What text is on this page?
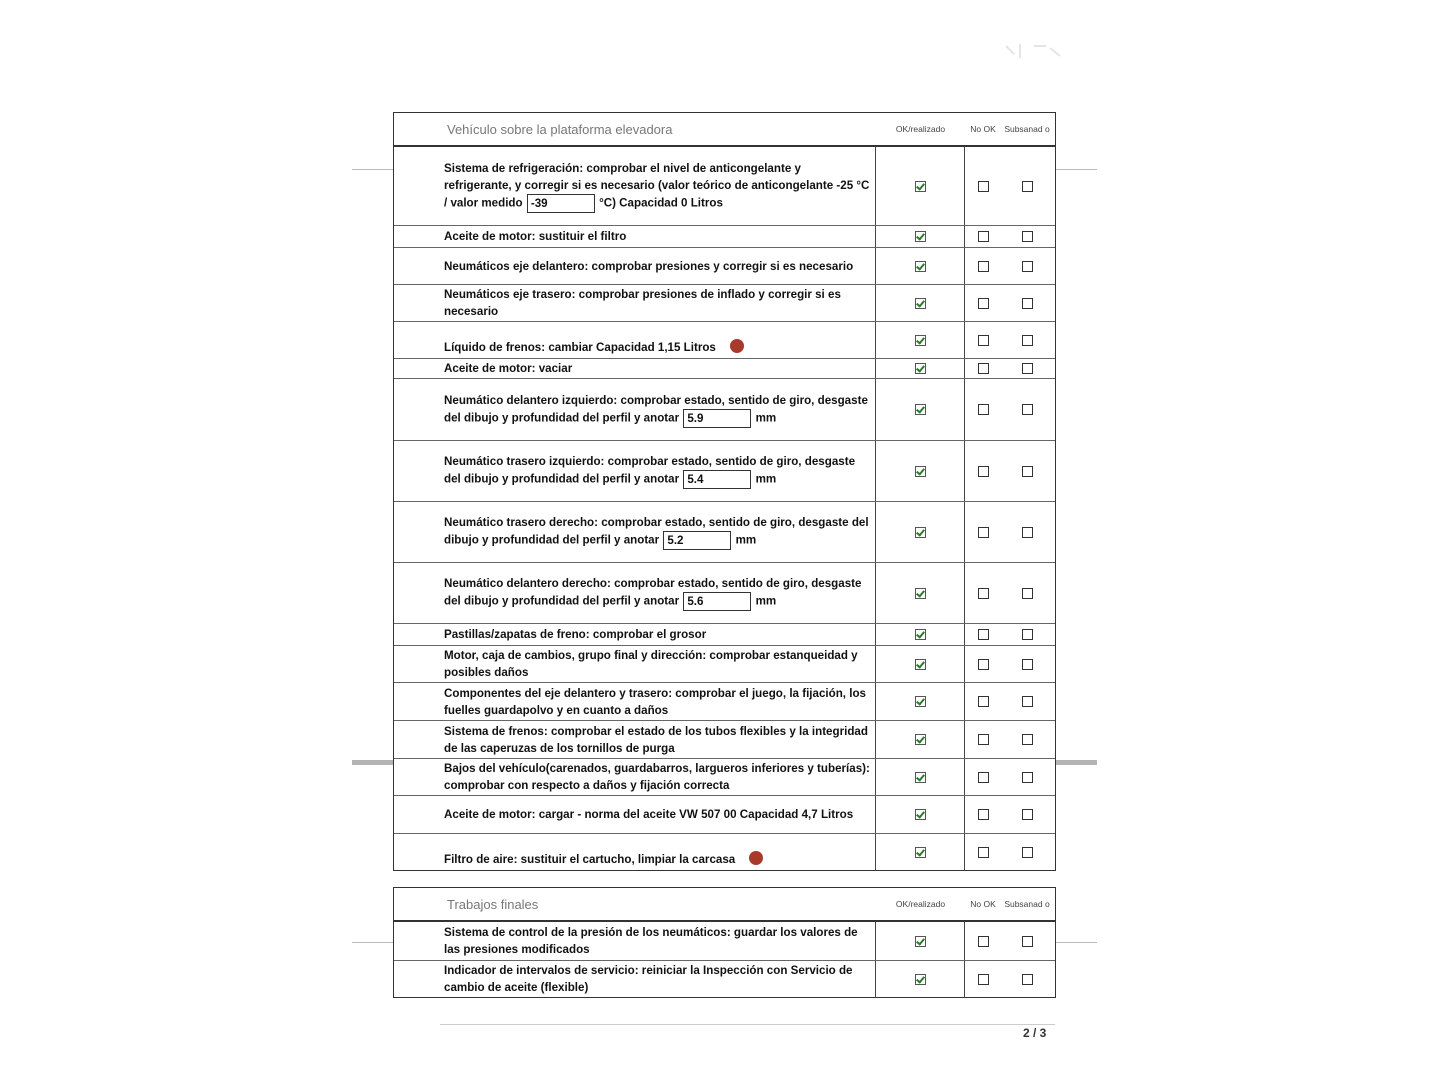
Vehículo sobre la plataforma elevadora	OK/realizado	No OK	Subsanad o
Sistema de refrigeración: comprobar el nivel de anticongelante y refrigerante, y corregir si es necesario (valor teórico de anticongelante -25 °C / valor medido -39	°C) Capacidad 0 Litros
Aceite de motor: sustituir el filtro
Neumáticos eje delantero: comprobar presiones y corregir si es necesario
Neumáticos eje trasero: comprobar presiones de inflado y corregir si es necesario
Líquido de frenos: cambiar Capacidad 1,15 Litros
Aceite de motor: vaciar
Neumático delantero izquierdo: comprobar estado, sentido de giro, desgaste del dibujo y profundidad del perfil y anotar 5.9	mm
Neumático trasero izquierdo: comprobar estado, sentido de giro, desgaste del dibujo y profundidad del perfil y anotar 5.4	mm
Neumático trasero derecho: comprobar estado, sentido de giro, desgaste del dibujo y profundidad del perfil y anotar 5.2	mm
Neumático delantero derecho: comprobar estado, sentido de giro, desgaste del dibujo y profundidad del perfil y anotar 5.6	mm
Pastillas/zapatas de freno: comprobar el grosor
Motor, caja de cambios, grupo final y dirección: comprobar estanqueidad y posibles daños
Componentes del eje delantero y trasero: comprobar el juego, la fijación, los fuelles guardapolvo y en cuanto a daños
Sistema de frenos: comprobar el estado de los tubos flexibles y la integridad de las caperuzas de los tornillos de purga
Bajos del vehículo(carenados, guardabarros, largueros inferiores y tuberías): comprobar con respecto a daños y fijación correcta
Aceite de motor: cargar - norma del aceite VW 507 00 Capacidad 4,7 Litros
Filtro de aire: sustituir el cartucho, limpiar la carcasa
Trabajos finales	OK/realizado	No OK	Subsanad o
Sistema de control de la presión de los neumáticos: guardar los valores de las presiones modificados
Indicador de intervalos de servicio: reiniciar la Inspección con Servicio de cambio de aceite (flexible)
2 / 3
